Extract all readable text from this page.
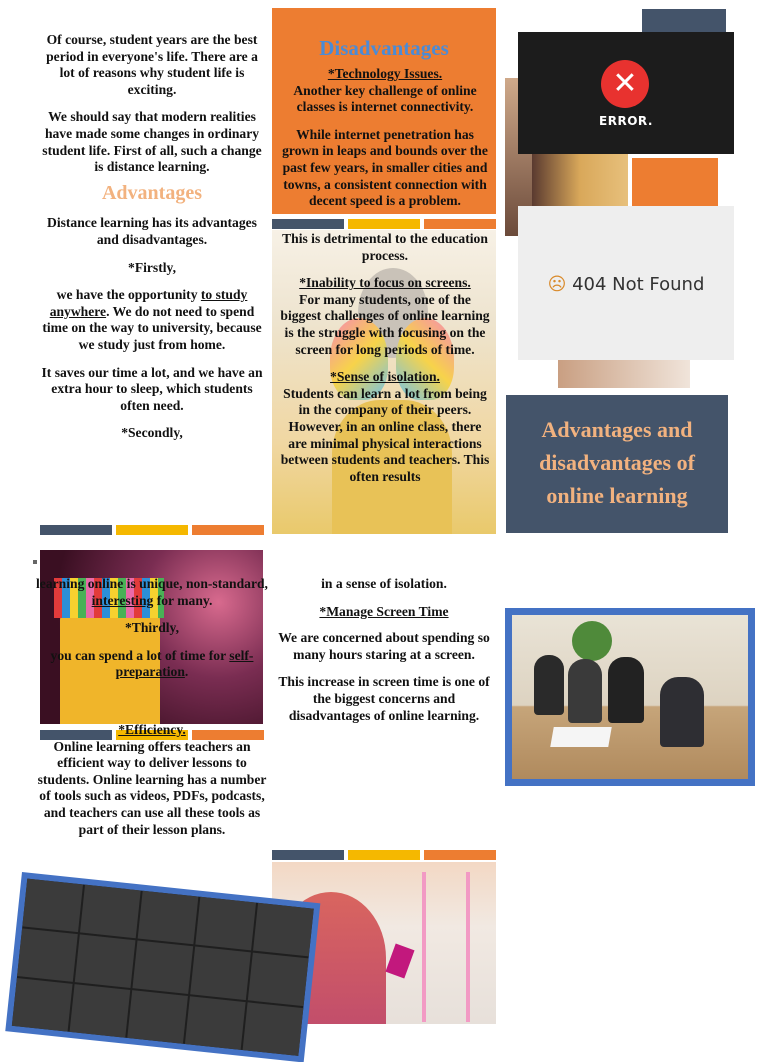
Of course, student years are the best period in everyone's life. There are a lot of reasons why student life is exciting.

We should say that modern realities have made some changes in ordinary student life. First of all, such a change is distance learning.

Advantages

Distance learning has its advantages and disadvantages.

*Firstly,

we have the opportunity to study anywhere. We do not need to spend time on the way to university, because we study just from home.

It saves our time a lot, and we have an extra hour to sleep, which students often need.

*Secondly,

Disadvantages
*Technology Issues.

Another key challenge of online classes is internet connectivity.

While internet penetration has grown in leaps and bounds over the past few years, in smaller cities and towns, a consistent connection with decent speed is a problem.

This is detrimental to the education process.

*Inability to focus on screens.

For many students, one of the biggest challenges of online learning is the struggle with focusing on the screen for long periods of time.

*Sense of isolation.

Students can learn a lot from being in the company of their peers. However, in an online class, there are minimal physical interactions between students and teachers. This often results

✕
ERROR.
☹ 404 Not Found
Advantages and disadvantages of online learning

learning online is unique, non-standard, interesting for many.

*Thirdly,

you can spend a lot of time for self-preparation.

*Efficiency.

Online learning offers teachers an efficient way to deliver lessons to students. Online learning has a number of tools such as videos, PDFs, podcasts, and teachers can use all these tools as part of their lesson plans.

in a sense of isolation.

*Manage Screen Time

We are concerned about spending so many hours staring at a screen.

This increase in screen time is one of the biggest concerns and disadvantages of online learning.
